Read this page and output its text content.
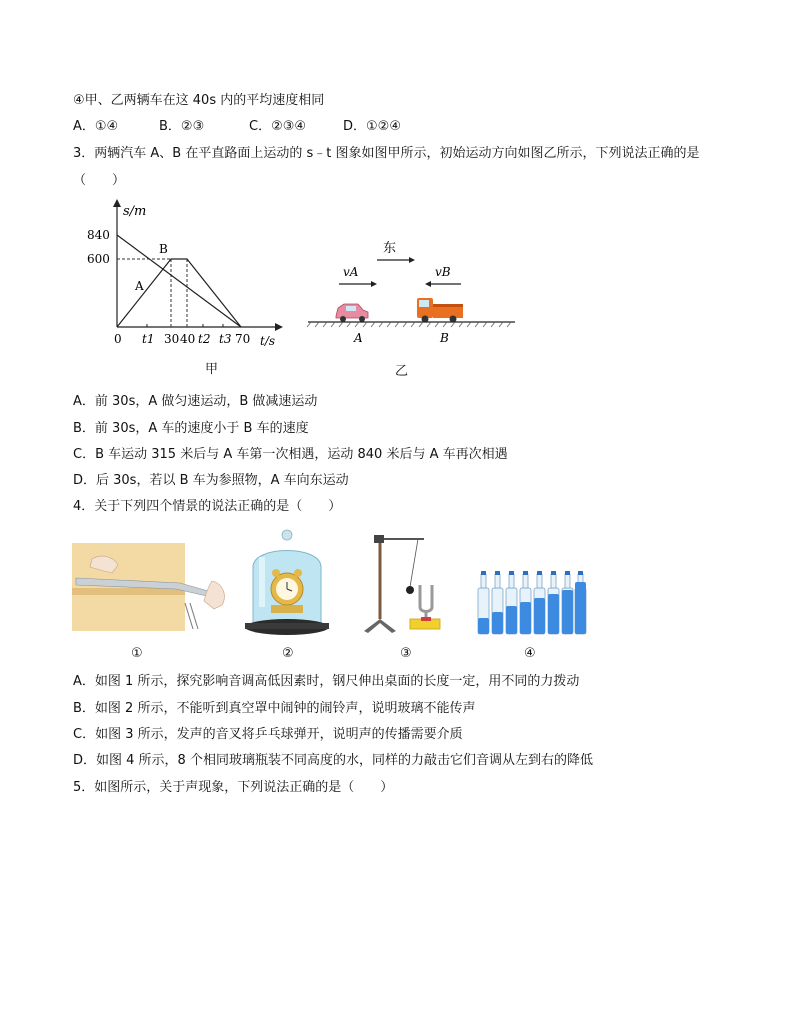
④甲、乙两辆车在这 40s 内的平均速度相同
A．①④	B．②③	C．②③④	D．①②④
3．两辆汽车 A、B 在平直路面上运动的 s﹣t 图象如图甲所示，初始运动方向如图乙所示，下列说法正确的是
（　　）
s/m
840
600
B
A
0 t1 30 40 t2 t3 70 t/s
甲
东
vA	vB
A	B
乙
A．前 30s，A 做匀速运动，B 做减速运动
B．前 30s，A 车的速度小于 B 车的速度
C．B 车运动 315 米后与 A 车第一次相遇，运动 840 米后与 A 车再次相遇
D．后 30s，若以 B 车为参照物，A 车向东运动
4．关于下列四个情景的说法正确的是（　　）
①	②	③	④
A．如图 1 所示，探究影响音调高低因素时，钢尺伸出桌面的长度一定，用不同的力拨动
B．如图 2 所示，不能听到真空罩中闹钟的闹铃声，说明玻璃不能传声
C．如图 3 所示，发声的音叉将乒乓球弹开，说明声的传播需要介质
D．如图 4 所示，8 个相同玻璃瓶装不同高度的水，同样的力敲击它们音调从左到右的降低
5．如图所示，关于声现象，下列说法正确的是（　　）
